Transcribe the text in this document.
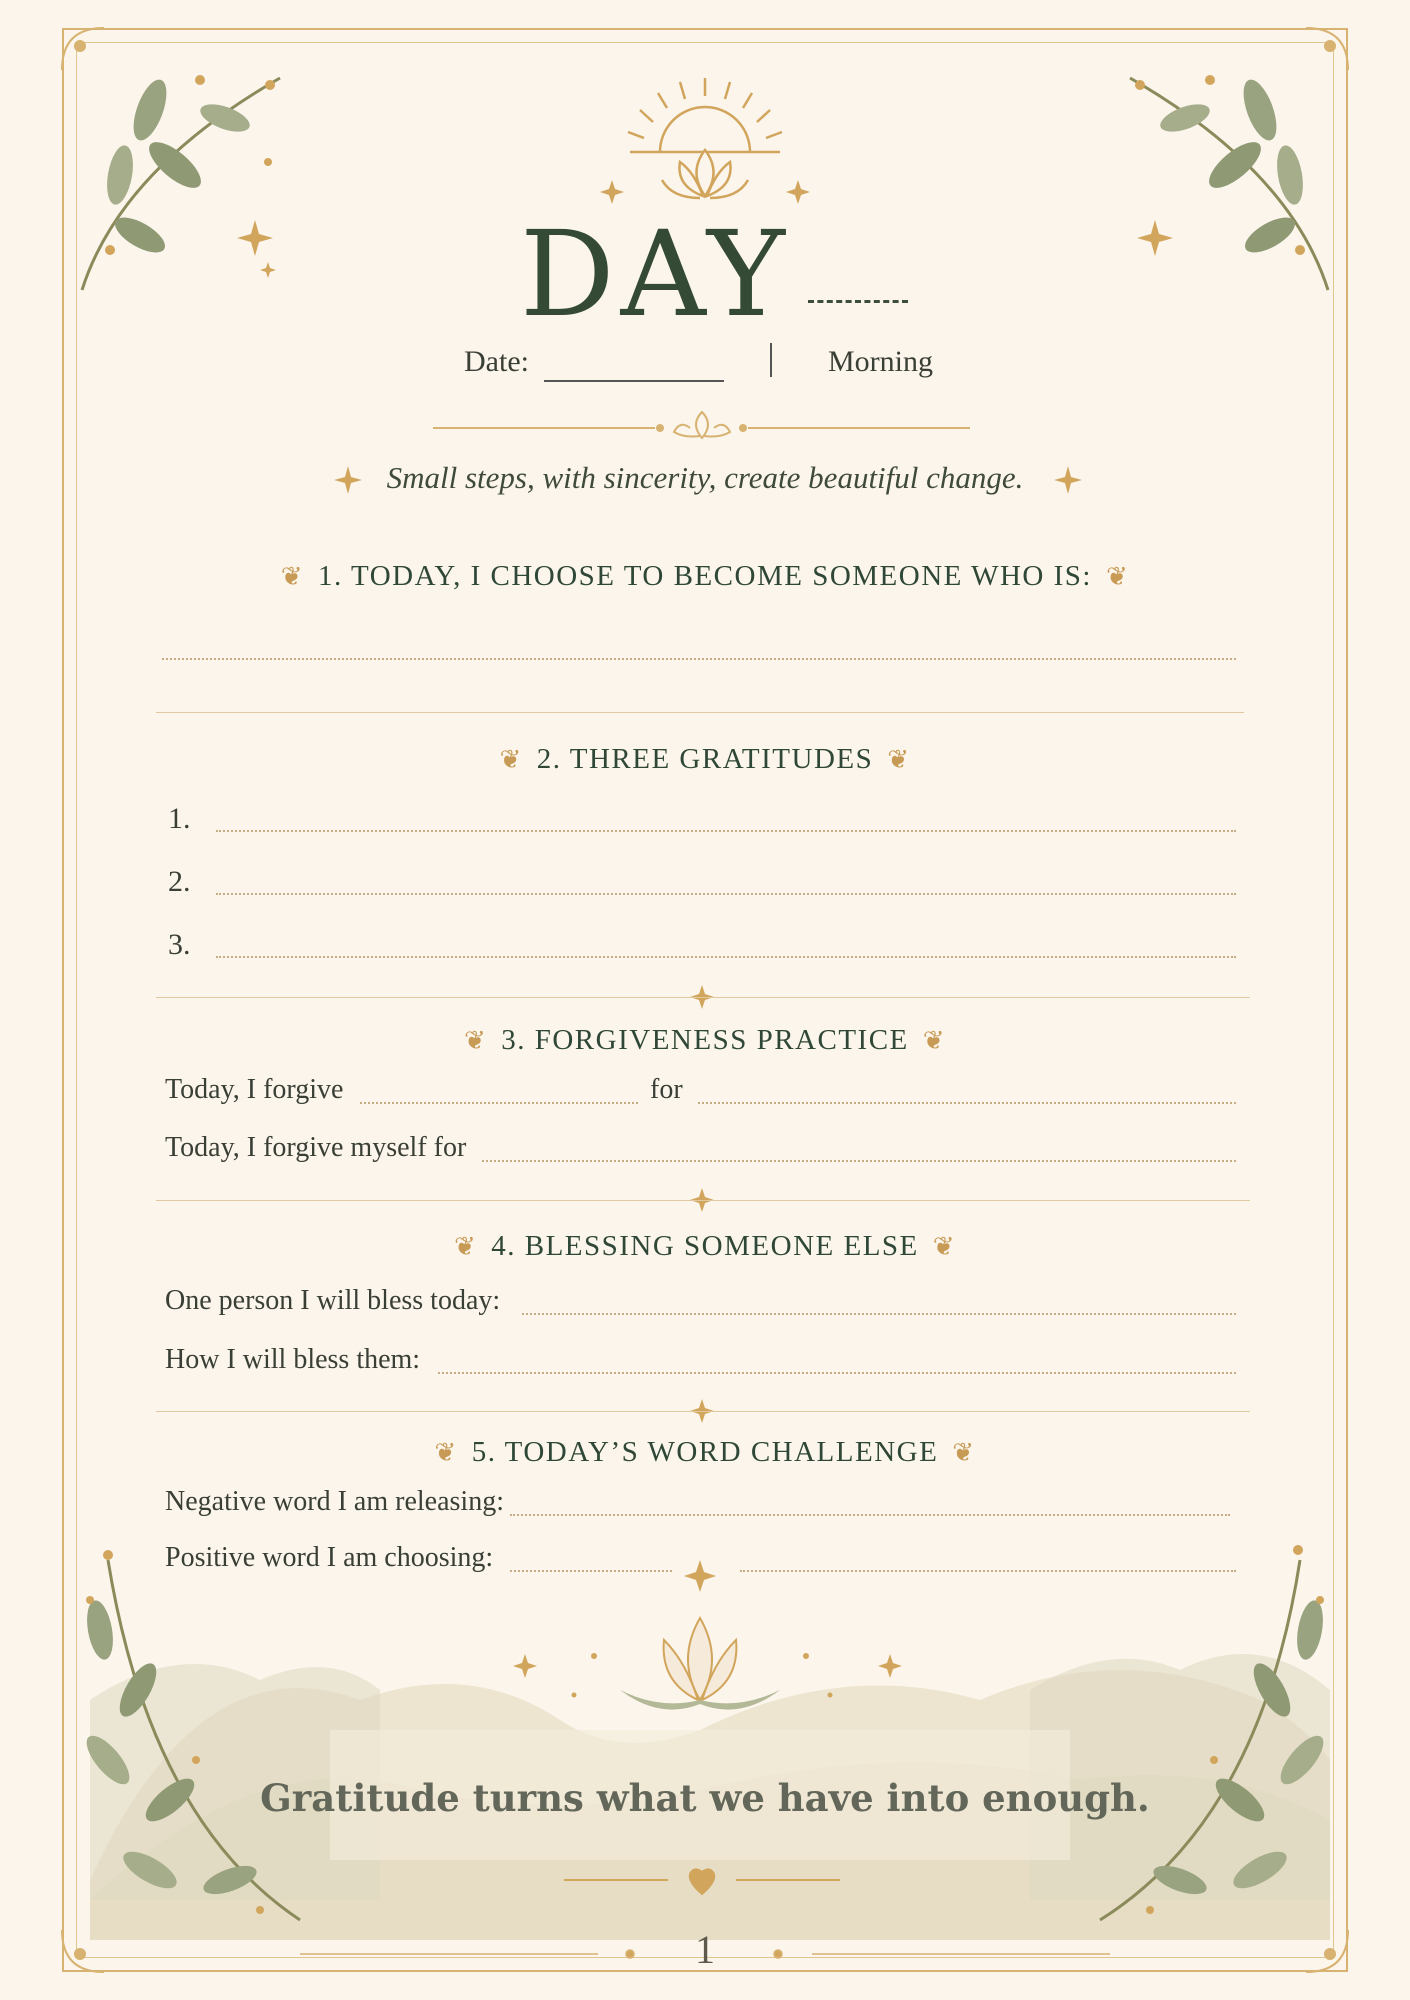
DAY
Date:	Morning
Small steps, with sincerity, create beautiful change.
❦ 1. TODAY, I CHOOSE TO BECOME SOMEONE WHO IS: ❦
❦ 2. THREE GRATITUDES ❦
1.
2.
3.
❦ 3. FORGIVENESS PRACTICE ❦
Today, I forgive	for
Today, I forgive myself for
❦ 4. BLESSING SOMEONE ELSE ❦
One person I will bless today:
How I will bless them:
❦ 5. TODAY’S WORD CHALLENGE ❦
Negative word I am releasing:
Positive word I am choosing:
Gratitude turns what we have into enough.
1
